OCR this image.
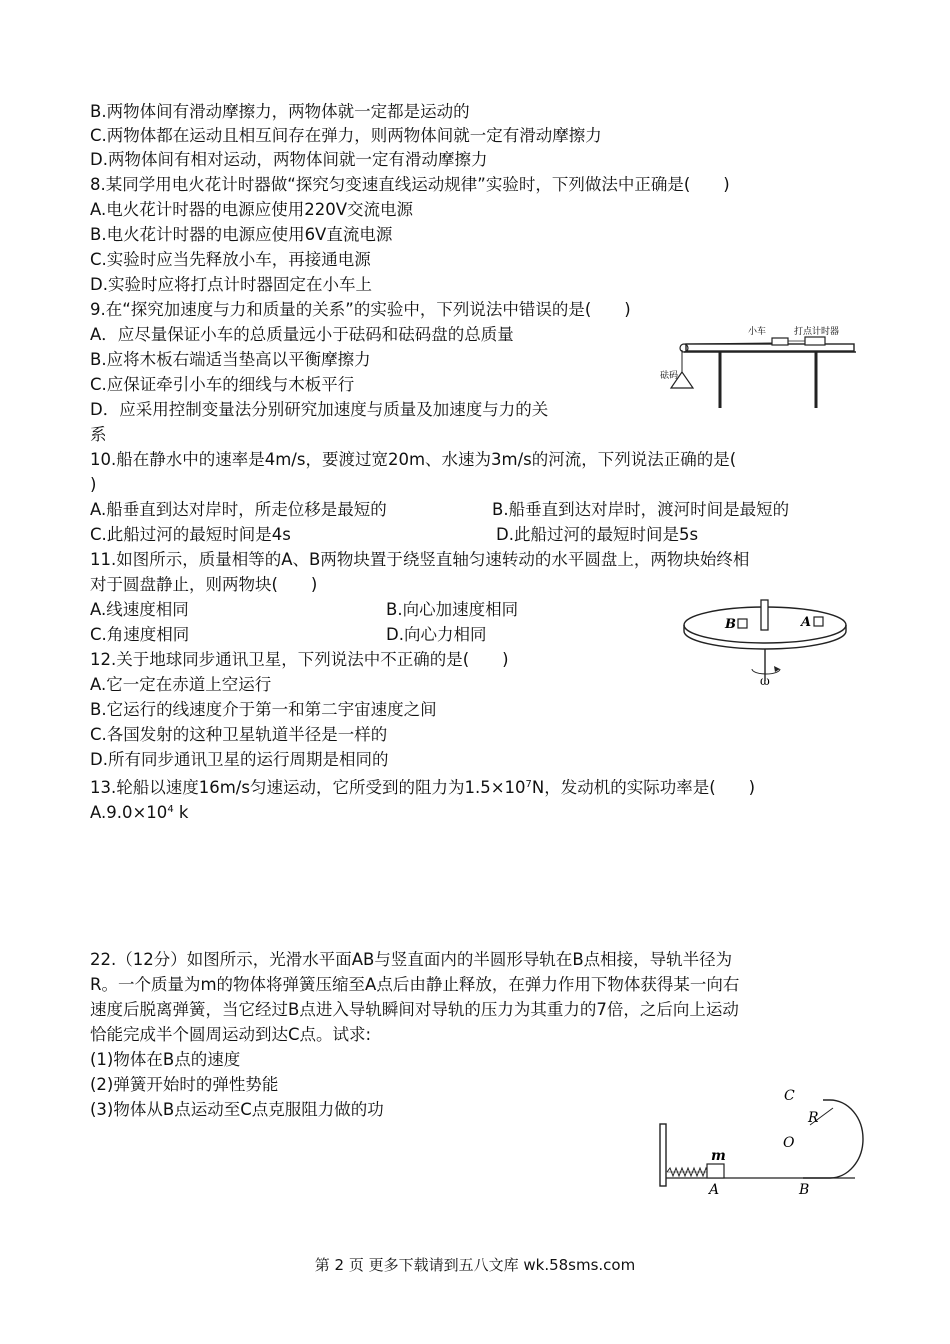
B.两物体间有滑动摩擦力，两物体就一定都是运动的
C.两物体都在运动且相互间存在弹力，则两物体间就一定有滑动摩擦力
D.两物体间有相对运动，两物体间就一定有滑动摩擦力
8.某同学用电火花计时器做“探究匀变速直线运动规律”实验时，下列做法中正确是(　　)
A.电火花计时器的电源应使用220V交流电源
B.电火花计时器的电源应使用6V直流电源
C.实验时应当先释放小车，再接通电源
D.实验时应将打点计时器固定在小车上
9.在“探究加速度与力和质量的关系”的实验中，下列说法中错误的是(　　)
A．应尽量保证小车的总质量远小于砝码和砝码盘的总质量
B.应将木板右端适当垫高以平衡摩擦力
C.应保证牵引小车的细线与木板平行
D．应采用控制变量法分别研究加速度与质量及加速度与力的关
系
小车	打点计时器
砝码
10.船在静水中的速率是4m/s，要渡过宽20m、水速为3m/s的河流，下列说法正确的是(
)
A.船垂直到达对岸时，所走位移是最短的	B.船垂直到达对岸时，渡河时间是最短的
C.此船过河的最短时间是4s	D.此船过河的最短时间是5s
11.如图所示，质量相等的A、B两物块置于绕竖直轴匀速转动的水平圆盘上，两物块始终相
对于圆盘静止，则两物块(　　)
A.线速度相同	B.向心加速度相同
C.角速度相同	D.向心力相同
B	A
ω
12.关于地球同步通讯卫星，下列说法中不正确的是(　　)
A.它一定在赤道上空运行
B.它运行的线速度介于第一和第二宇宙速度之间
C.各国发射的这种卫星轨道半径是一样的
D.所有同步通讯卫星的运行周期是相同的
13.轮船以速度16m/s匀速运动，它所受到的阻力为$1.5\times 10^7N$，发动机的实际功率是(　　)
$A.9.0\times 10^4$ k
22.（12分）如图所示，光滑水平面AB与竖直面内的半圆形导轨在B点相接，导轨半径为
R。一个质量为m的物体将弹簧压缩至A点后由静止释放，在弹力作用下物体获得某一向右
速度后脱离弹簧，当它经过B点进入导轨瞬间对导轨的压力为其重力的7倍，之后向上运动
恰能完成半个圆周运动到达C点。试求:
(1)物体在B点的速度
(2)弹簧开始时的弹性势能
(3)物体从B点运动至C点克服阻力做的功
m
A	B
C
R
O
第 2 页 更多下载请到五八文库 wk.58sms.com
